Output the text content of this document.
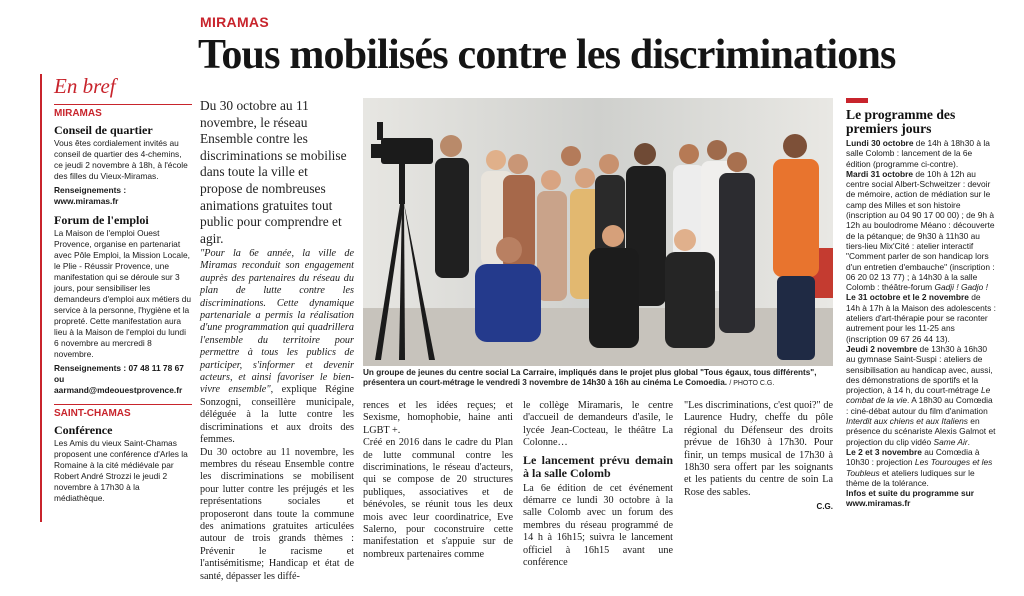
MIRAMAS
Tous mobilisés contre les discriminations
En bref
MIRAMAS
Conseil de quartier
Vous êtes cordialement invités au conseil de quartier des 4-chemins, ce jeudi 2 novembre à 18h, à l'école des filles du Vieux-Miramas.
Renseignements : www.miramas.fr
Forum de l'emploi
La Maison de l'emploi Ouest Provence, organise en partenariat avec Pôle Emploi, la Mission Locale, le Plie - Réussir Provence, une manifestation qui se déroule sur 3 jours, pour sensibiliser les demandeurs d'emploi aux métiers du service à la personne, l'hygiène et la propreté. Cette manifestation aura lieu à la Maison de l'emploi du lundi 6 novembre au mercredi 8 novembre.
Renseignements : 07 48 11 78 67 ou aarmand@mdeouestprovence.fr
SAINT-CHAMAS
Conférence
Les Amis du vieux Saint-Chamas proposent une conférence d'Arles la Romaine à la cité médiévale par Robert André Strozzi le jeudi 2 novembre à 17h30 à la médiathèque.
Du 30 octobre au 11 novembre, le réseau Ensemble contre les discriminations se mobilise dans toute la ville et propose de nombreuses animations gratuites tout public pour comprendre et agir.

"Pour la 6e année, la ville de Miramas reconduit son engagement auprès des partenaires du réseau du plan de lutte contre les discriminations. Cette dynamique partenariale a permis la réalisation d'une programmation qui quadrillera l'ensemble du territoire pour permettre à tous les publics de participer, s'informer et devenir acteurs, et ainsi favoriser le bien-vivre ensemble", explique Régine Sonzogni, conseillère municipale, déléguée à la lutte contre les discriminations et aux droits des femmes.

Du 30 octobre au 11 novembre, les membres du réseau Ensemble contre les discriminations se mobilisent pour lutter contre les préjugés et les représentations sociales et proposeront dans toute la commune des animations gratuites articulées autour de trois grands thèmes : Prévenir le racisme et l'antisémitisme; Handicap et état de santé, dépasser les diffé-

rences et les idées reçues; et Sexisme, homophobie, haine anti LGBT +.

Créé en 2016 dans le cadre du Plan de lutte communal contre les discriminations, le réseau d'acteurs, qui se compose de 20 structures publiques, associatives et de bénévoles, se réunit tous les deux mois avec leur coordinatrice, Eve Salerno, pour coconstruire cette manifestation et s'appuie sur de nombreux partenaires comme

le collège Miramaris, le centre d'accueil de demandeurs d'asile, le lycée Jean-Cocteau, le théâtre La Colonne…

Le lancement prévu demain à la salle Colomb

La 6e édition de cet événement démarre ce lundi 30 octobre à la salle Colomb avec un forum des membres du réseau programmé de 14 h à 16h15; suivra le lancement officiel à 16h15 avant une conférence

"Les discriminations, c'est quoi?" de Laurence Hudry, cheffe du pôle régional du Défenseur des droits prévue de 16h30 à 17h30. Pour finir, un temps musical de 17h30 à 18h30 sera offert par les soignants et les patients du centre de soin La Rose des sables.

C.G.
Un groupe de jeunes du centre social La Carraire, impliqués dans le projet plus global "Tous égaux, tous différents", présentera un court-métrage le vendredi 3 novembre de 14h30 à 16h au cinéma Le Comoedia. / PHOTO C.G.
Le programme des premiers jours

Lundi 30 octobre de 14h à 18h30 à la salle Colomb : lancement de la 6e édition (programme ci-contre).

Mardi 31 octobre de 10h à 12h au centre social Albert-Schweitzer : devoir de mémoire, action de médiation sur le camp des Milles et son histoire (inscription au 04 90 17 00 00) ; de 9h à 12h au boulodrome Méano : découverte de la pétanque; de 9h30 à 11h30 au tiers-lieu Mix'Cité : atelier interactif "Comment parler de son handicap lors d'un entretien d'embauche" (inscription : 06 20 02 13 77) ; à 14h30 à la salle Colomb : théâtre-forum Gadji ! Gadjo !

Le 31 octobre et le 2 novembre de 14h à 17h à la Maison des adolescents : ateliers d'art-thérapie pour se raconter autrement pour les 11-25 ans (inscription 09 67 26 44 13).

Jeudi 2 novembre de 13h30 à 16h30 au gymnase Saint-Suspi : ateliers de sensibilisation au handicap avec, aussi, des démonstrations de sportifs et la projection, à 14 h, du court-métrage Le combat de la vie. A 18h30 au Comœdia : ciné-débat autour du film d'animation Interdit aux chiens et aux Italiens en présence du scénariste Alexis Galmot et projection du clip vidéo Same Air.

Le 2 et 3 novembre au Comœdia à 10h30 : projection Les Tourouges et les Toubleus et ateliers ludiques sur le thème de la tolérance.

Infos et suite du programme sur www.miramas.fr
